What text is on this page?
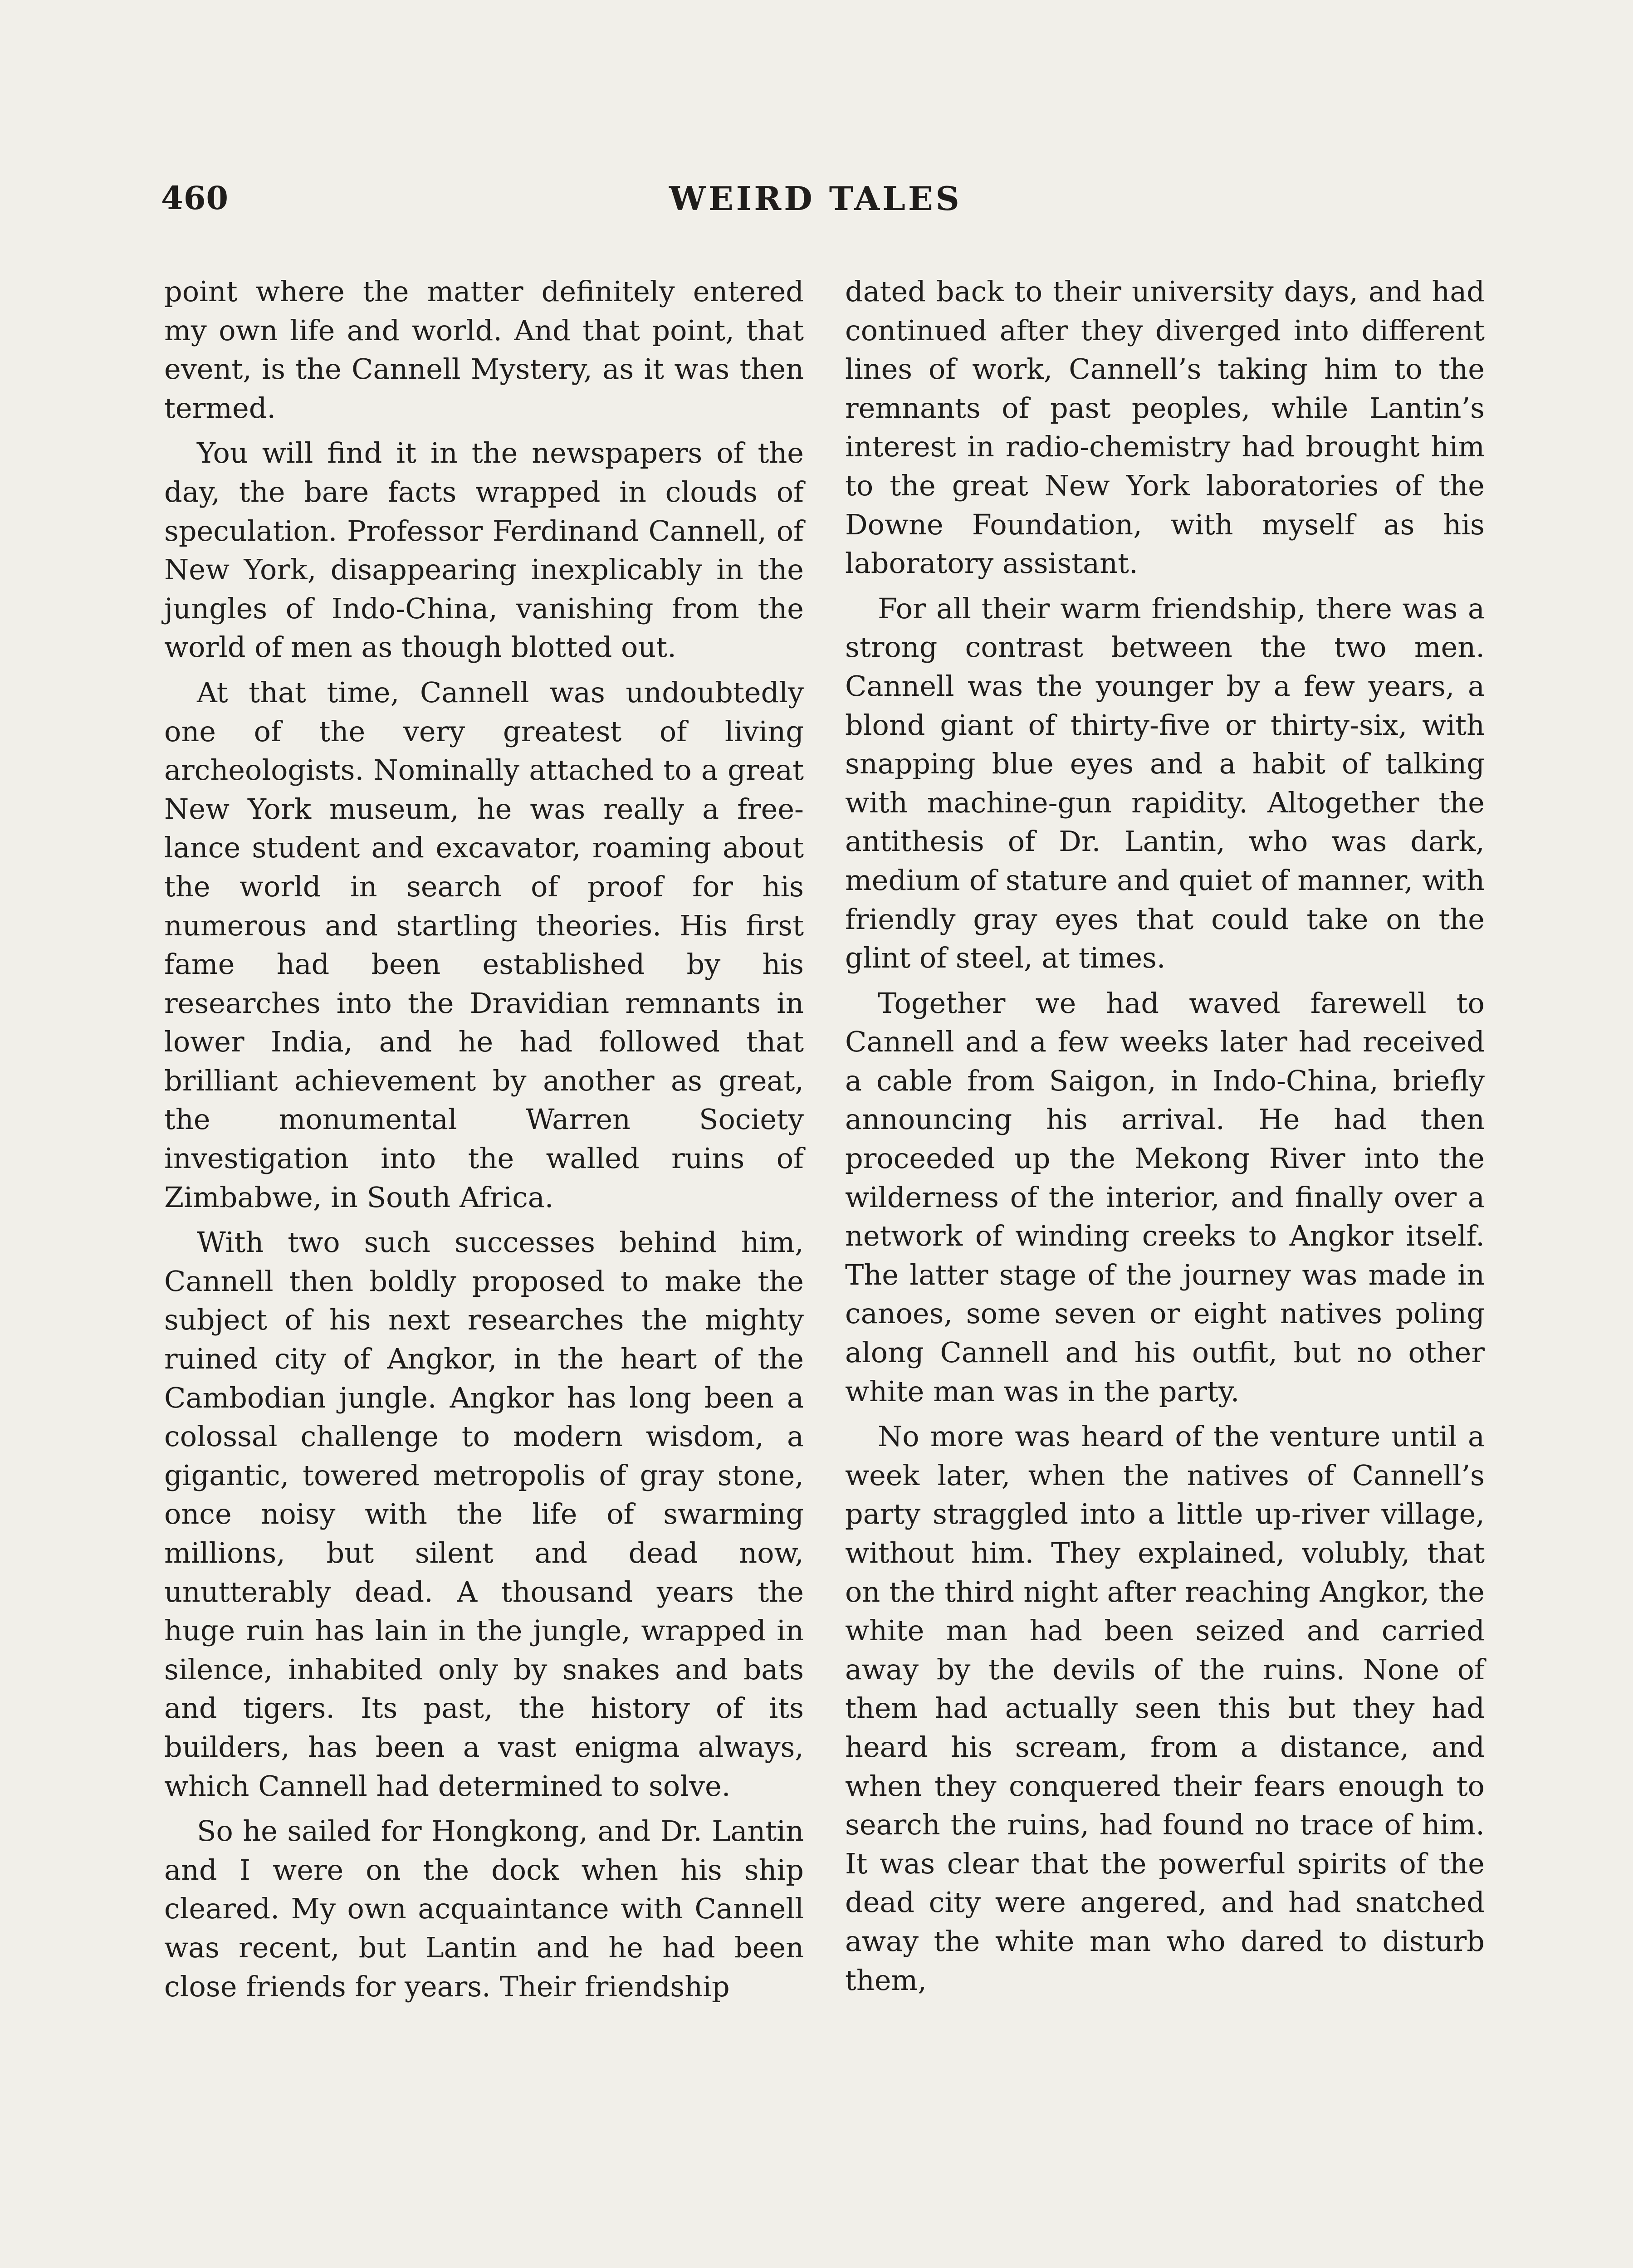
460	WEIRD TALES

point where the matter definitely entered my own life and world. And that point, that event, is the Cannell Mystery, as it was then termed.

You will find it in the newspapers of the day, the bare facts wrapped in clouds of speculation. Professor Ferdinand Cannell, of New York, disappearing inexplicably in the jungles of Indo-China, vanishing from the world of men as though blotted out.

At that time, Cannell was undoubtedly one of the very greatest of living archeologists. Nominally attached to a great New York museum, he was really a free-lance student and excavator, roaming about the world in search of proof for his numerous and startling theories. His first fame had been established by his researches into the Dravidian remnants in lower India, and he had followed that brilliant achievement by another as great, the monumental Warren Society investigation into the walled ruins of Zimbabwe, in South Africa.

With two such successes behind him, Cannell then boldly proposed to make the subject of his next researches the mighty ruined city of Angkor, in the heart of the Cambodian jungle. Angkor has long been a colossal challenge to modern wisdom, a gigantic, towered metropolis of gray stone, once noisy with the life of swarming millions, but silent and dead now, unutterably dead. A thousand years the huge ruin has lain in the jungle, wrapped in silence, inhabited only by snakes and bats and tigers. Its past, the history of its builders, has been a vast enigma always, which Cannell had determined to solve.

So he sailed for Hongkong, and Dr. Lantin and I were on the dock when his ship cleared. My own acquaintance with Cannell was recent, but Lantin and he had been close friends for years. Their friendship

dated back to their university days, and had continued after they diverged into different lines of work, Cannell’s taking him to the remnants of past peoples, while Lantin’s interest in radio-chemistry had brought him to the great New York laboratories of the Downe Foundation, with myself as his laboratory assistant.

For all their warm friendship, there was a strong contrast between the two men. Cannell was the younger by a few years, a blond giant of thirty-five or thirty-six, with snapping blue eyes and a habit of talking with machine-gun rapidity. Altogether the antithesis of Dr. Lantin, who was dark, medium of stature and quiet of manner, with friendly gray eyes that could take on the glint of steel, at times.

Together we had waved farewell to Cannell and a few weeks later had received a cable from Saigon, in Indo-China, briefly announcing his arrival. He had then proceeded up the Mekong River into the wilderness of the interior, and finally over a network of winding creeks to Angkor itself. The latter stage of the journey was made in canoes, some seven or eight natives poling along Cannell and his outfit, but no other white man was in the party.

No more was heard of the venture until a week later, when the natives of Cannell’s party straggled into a little up-river village, without him. They explained, volubly, that on the third night after reaching Angkor, the white man had been seized and carried away by the devils of the ruins. None of them had actually seen this but they had heard his scream, from a distance, and when they conquered their fears enough to search the ruins, had found no trace of him. It was clear that the powerful spirits of the dead city were angered, and had snatched away the white man who dared to disturb them,
